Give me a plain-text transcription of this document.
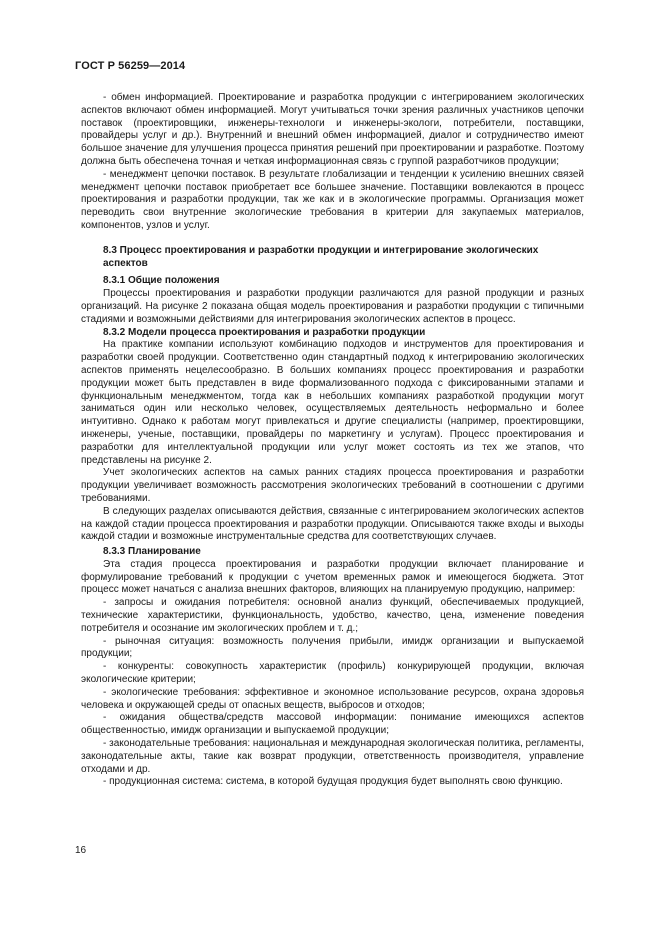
ГОСТ Р 56259—2014

- обмен информацией. Проектирование и разработка продукции с интегрированием экологических аспектов включают обмен информацией. Могут учитываться точки зрения различных участников цепочки поставок (проектировщики, инженеры-технологи и инженеры-экологи, потребители, поставщики, провайдеры услуг и др.). Внутренний и внешний обмен информацией, диалог и сотрудничество имеют большое значение для улучшения процесса принятия решений при проектировании и разработке. Поэтому должна быть обеспечена точная и четкая информационная связь с группой разработчиков продукции;

- менеджмент цепочки поставок. В результате глобализации и тенденции к усилению внешних связей менеджмент цепочки поставок приобретает все большее значение. Поставщики вовлекаются в процесс проектирования и разработки продукции, так же как и в экологические программы. Организация может переводить свои внутренние экологические требования в критерии для закупаемых материалов, компонентов, узлов и услуг.

8.3 Процесс проектирования и разработки продукции и интегрирование экологических аспектов
8.3.1 Общие положения

Процессы проектирования и разработки продукции различаются для разной продукции и разных организаций. На рисунке 2 показана общая модель проектирования и разработки продукции с типичными стадиями и возможными действиями для интегрирования экологических аспектов в процесс.

8.3.2 Модели процесса проектирования и разработки продукции

На практике компании используют комбинацию подходов и инструментов для проектирования и разработки своей продукции. Соответственно один стандартный подход к интегрированию экологических аспектов применять нецелесообразно. В больших компаниях процесс проектирования и разработки продукции может быть представлен в виде формализованного подхода с фиксированными этапами и функциональным менеджментом, тогда как в небольших компаниях разработкой продукции могут заниматься один или несколько человек, осуществляемых деятельность неформально и более интуитивно. Однако к работам могут привлекаться и другие специалисты (например, проектировщики, инженеры, ученые, поставщики, провайдеры по маркетингу и услугам). Процесс проектирования и разработки для интеллектуальной продукции или услуг может состоять из тех же этапов, что представлены на рисунке 2.

Учет экологических аспектов на самых ранних стадиях процесса проектирования и разработки продукции увеличивает возможность рассмотрения экологических требований в соотношении с другими требованиями.

В следующих разделах описываются действия, связанные с интегрированием экологических аспектов на каждой стадии процесса проектирования и разработки продукции. Описываются также входы и выходы каждой стадии и возможные инструментальные средства для соответствующих случаев.

8.3.3 Планирование

Эта стадия процесса проектирования и разработки продукции включает планирование и формулирование требований к продукции с учетом временных рамок и имеющегося бюджета. Этот процесс может начаться с анализа внешних факторов, влияющих на планируемую продукцию, например:

- запросы и ожидания потребителя: основной анализ функций, обеспечиваемых продукцией, технические характеристики, функциональность, удобство, качество, цена, изменение поведения потребителя и осознание им экологических проблем и т. д.;

- рыночная ситуация: возможность получения прибыли, имидж организации и выпускаемой продукции;

- конкуренты: совокупность характеристик (профиль) конкурирующей продукции, включая экологические критерии;

- экологические требования: эффективное и экономное использование ресурсов, охрана здоровья человека и окружающей среды от опасных веществ, выбросов и отходов;

- ожидания общества/средств массовой информации: понимание имеющихся аспектов общественностью, имидж организации и выпускаемой продукции;

- законодательные требования: национальная и международная экологическая политика, регламенты, законодательные акты, такие как возврат продукции, ответственность производителя, управление отходами и др.

- продукционная система: система, в которой будущая продукция будет выполнять свою функцию.

16
